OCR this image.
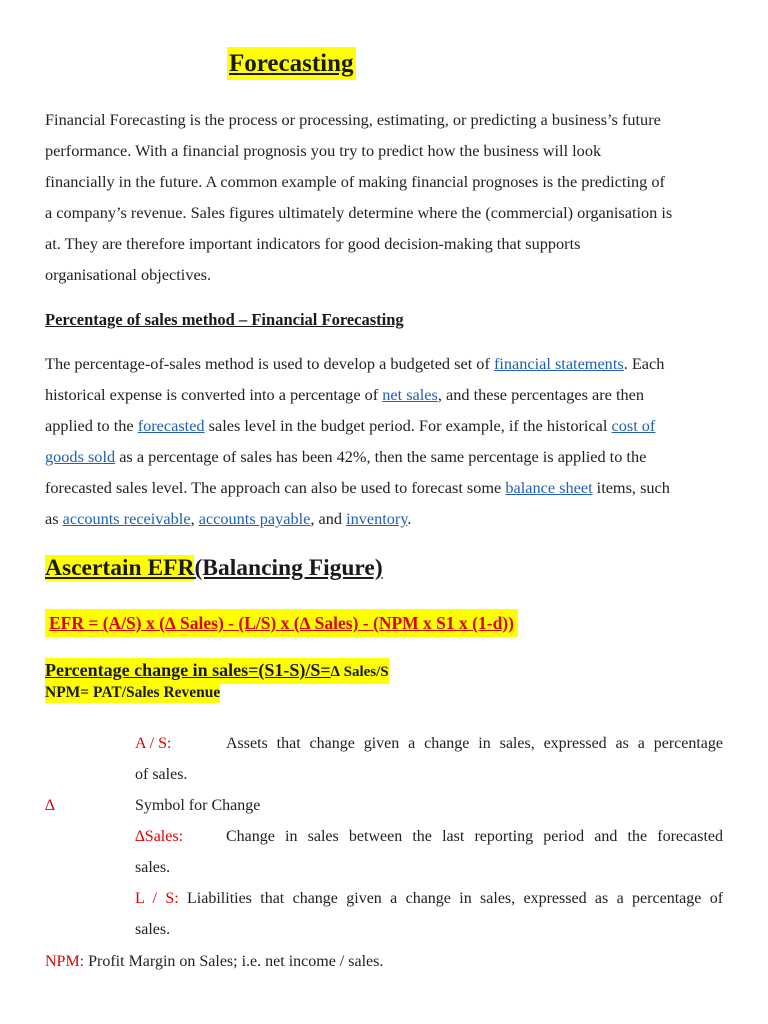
Forecasting
Financial Forecasting is the process or processing, estimating, or predicting a business’s future
performance. With a financial prognosis you try to predict how the business will look
financially in the future. A common example of making financial prognoses is the predicting of
a company’s revenue. Sales figures ultimately determine where the (commercial) organisation is
at. They are therefore important indicators for good decision-making that supports
organisational objectives.
Percentage of sales method – Financial Forecasting
The percentage-of-sales method is used to develop a budgeted set of financial statements. Each
historical expense is converted into a percentage of net sales, and these percentages are then
applied to the forecasted sales level in the budget period. For example, if the historical cost of
goods sold as a percentage of sales has been 42%, then the same percentage is applied to the
forecasted sales level. The approach can also be used to forecast some balance sheet items, such
as accounts receivable, accounts payable, and inventory.
Ascertain EFR(Balancing Figure)
EFR = (A/S) x (∆ Sales) - (L/S) x (∆ Sales) - (NPM x S1 x (1-d))
Percentage change in sales=(S1-S)/S=∆ Sales/S
NPM= PAT/Sales Revenue
A / S:	Assets that change given a change in sales, expressed as a percentage
of sales.
∆	Symbol for Change
∆Sales:	Change in sales between the last reporting period and the forecasted
sales.
L / S: Liabilities that change given a change in sales, expressed as a percentage of
sales.
NPM: Profit Margin on Sales; i.e. net income / sales.
